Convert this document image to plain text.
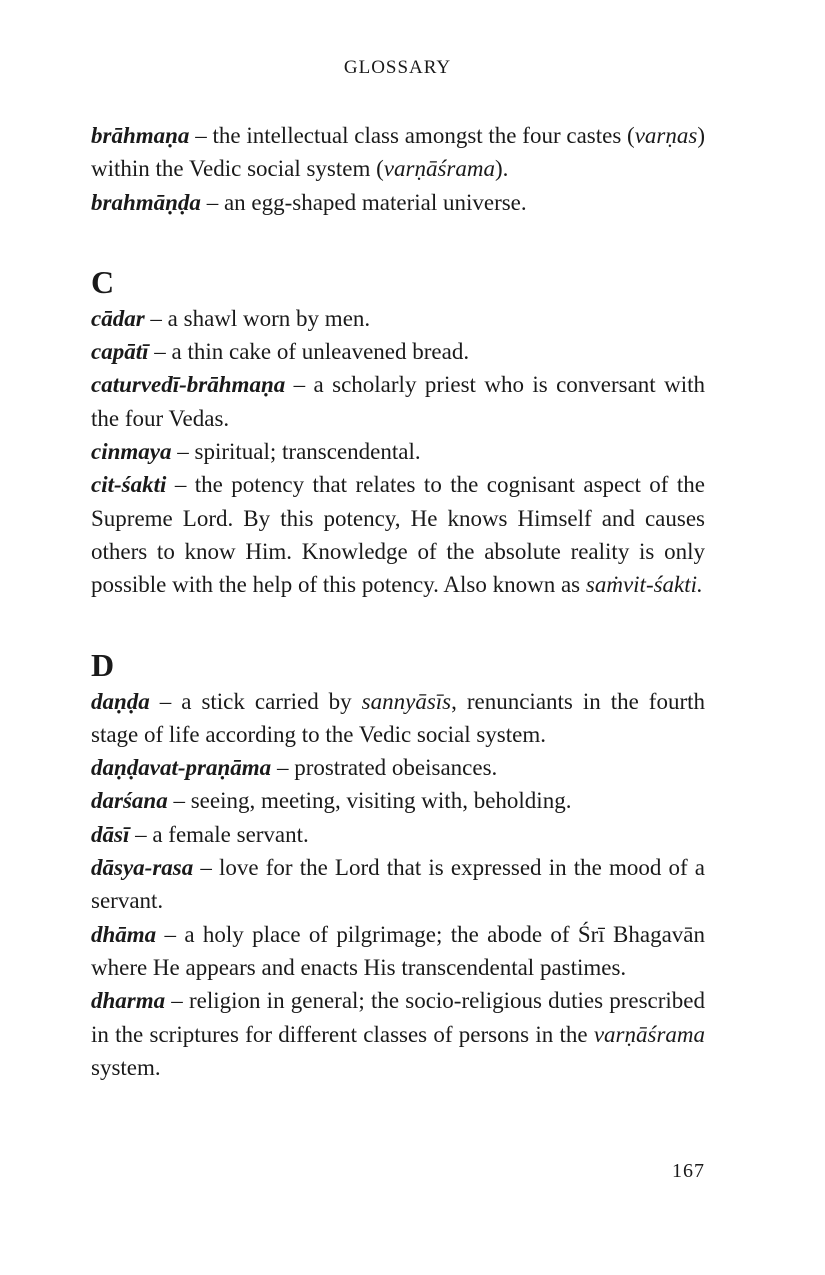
GLOSSARY

brāhmaṇa – the intellectual class amongst the four castes (varṇas) within the Vedic social system (varṇāśrama).

brahmāṇḍa – an egg-shaped material universe.

C

cādar – a shawl worn by men.

capātī – a thin cake of unleavened bread.

caturvedī-brāhmaṇa – a scholarly priest who is conversant with the four Vedas.

cinmaya – spiritual; transcendental.

cit-śakti – the potency that relates to the cognisant aspect of the Supreme Lord. By this potency, He knows Himself and causes others to know Him. Knowledge of the absolute reality is only possible with the help of this potency. Also known as saṁvit-śakti.

D

daṇḍa – a stick carried by sannyāsīs, renunciants in the fourth stage of life according to the Vedic social system.

daṇḍavat-praṇāma – prostrated obeisances.

darśana – seeing, meeting, visiting with, beholding.

dāsī – a female servant.

dāsya-rasa – love for the Lord that is expressed in the mood of a servant.

dhāma – a holy place of pilgrimage; the abode of Śrī Bhagavān where He appears and enacts His transcendental pastimes.

dharma – religion in general; the socio-religious duties prescribed in the scriptures for different classes of persons in the varṇāśrama system.

167
